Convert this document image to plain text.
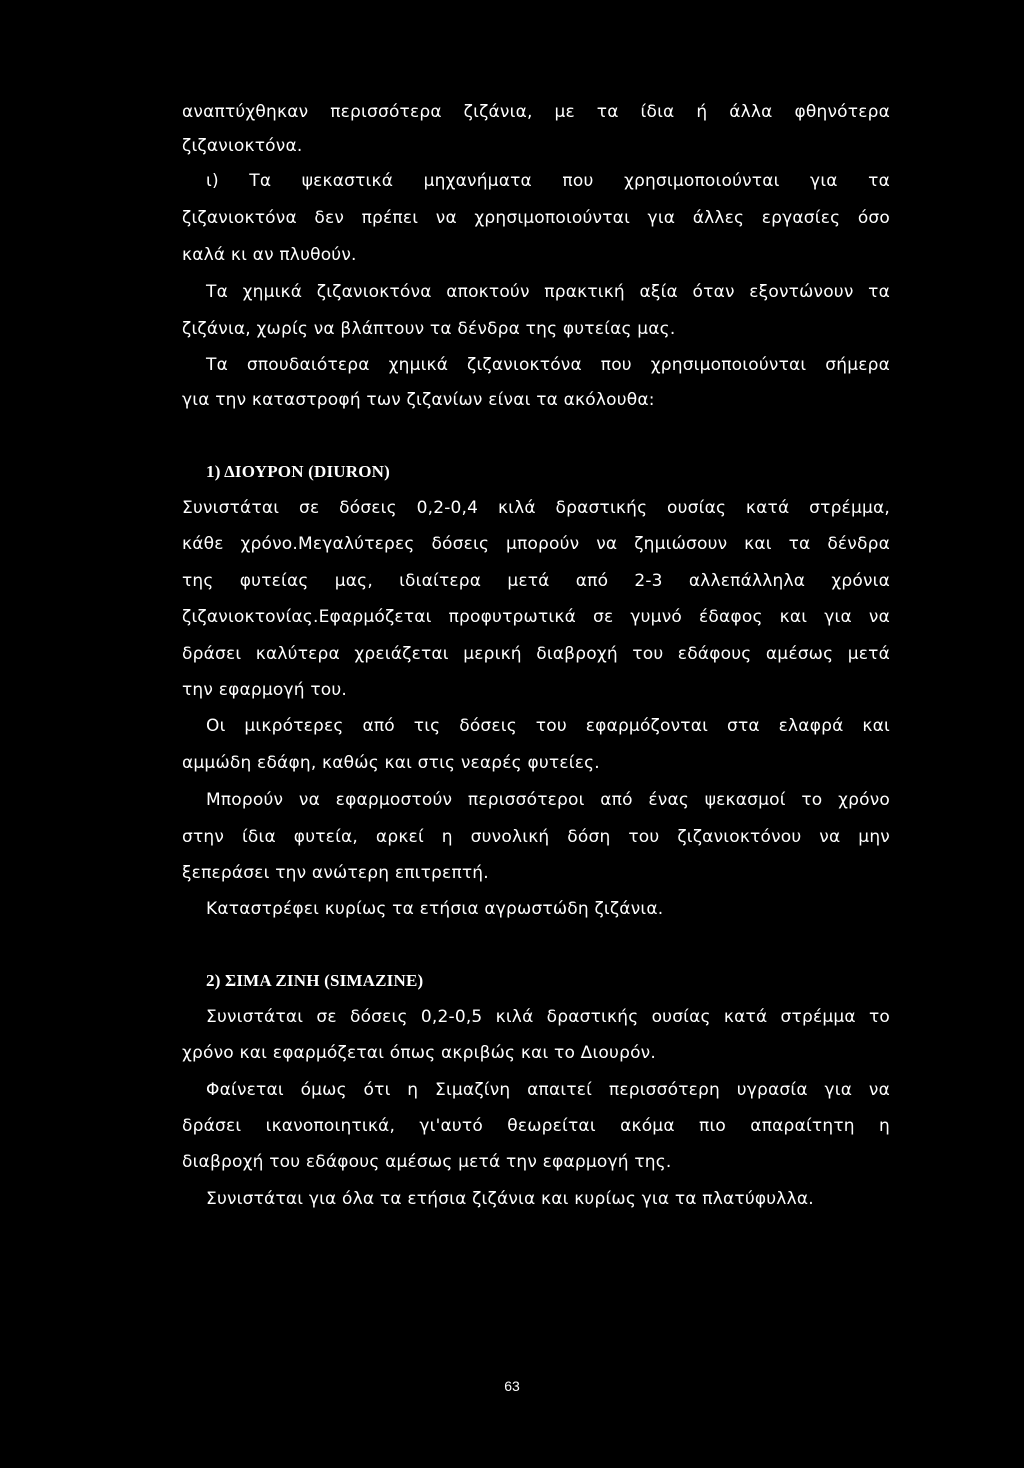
αναπτύχθηκαν περισσότερα ζιζάνια, με τα ίδια ή άλλα φθηνότερα
ζιζανιοκτόνα.
ι) Τα ψεκαστικά μηχανήματα που χρησιμοποιούνται για τα
ζιζανιοκτόνα δεν πρέπει να χρησιμοποιούνται για άλλες εργασίες όσο
καλά κι αν πλυθούν.
Τα χημικά ζιζανιοκτόνα αποκτούν πρακτική αξία όταν εξοντώνουν τα
ζιζάνια, χωρίς να βλάπτουν τα δένδρα της φυτείας μας.
Τα σπουδαιότερα χημικά ζιζανιοκτόνα που χρησιμοποιούνται σήμερα
για την καταστροφή των ζιζανίων είναι τα ακόλουθα:
1) ΔΙΟΥΡΟΝ (DIURON)
Συνιστάται σε δόσεις 0,2-0,4 κιλά δραστικής ουσίας κατά στρέμμα,
κάθε χρόνο.Μεγαλύτερες δόσεις μπορούν να ζημιώσουν και τα δένδρα
της φυτείας μας, ιδιαίτερα μετά από 2-3 αλλεπάλληλα χρόνια
ζιζανιοκτονίας.Εφαρμόζεται προφυτρωτικά σε γυμνό έδαφος και για να
δράσει καλύτερα χρειάζεται μερική διαβροχή του εδάφους αμέσως μετά
την εφαρμογή του.
Οι μικρότερες από τις δόσεις του εφαρμόζονται στα ελαφρά και
αμμώδη εδάφη, καθώς και στις νεαρές φυτείες.
Μπορούν να εφαρμοστούν περισσότεροι από ένας ψεκασμοί το χρόνο
στην ίδια φυτεία, αρκεί η συνολική δόση του ζιζανιοκτόνου να μην
ξεπεράσει την ανώτερη επιτρεπτή.
Καταστρέφει κυρίως τα ετήσια αγρωστώδη ζιζάνια.
2) ΣΙΜΑ ΖΙΝΗ (SIMAZINE)
Συνιστάται σε δόσεις 0,2-0,5 κιλά δραστικής ουσίας κατά στρέμμα το
χρόνο και εφαρμόζεται όπως ακριβώς και το Διουρόν.
Φαίνεται όμως ότι η Σιμαζίνη απαιτεί περισσότερη υγρασία για να
δράσει ικανοποιητικά, γι'αυτό θεωρείται ακόμα πιο απαραίτητη η
διαβροχή του εδάφους αμέσως μετά την εφαρμογή της.
Συνιστάται για όλα τα ετήσια ζιζάνια και κυρίως για τα πλατύφυλλα.
63
